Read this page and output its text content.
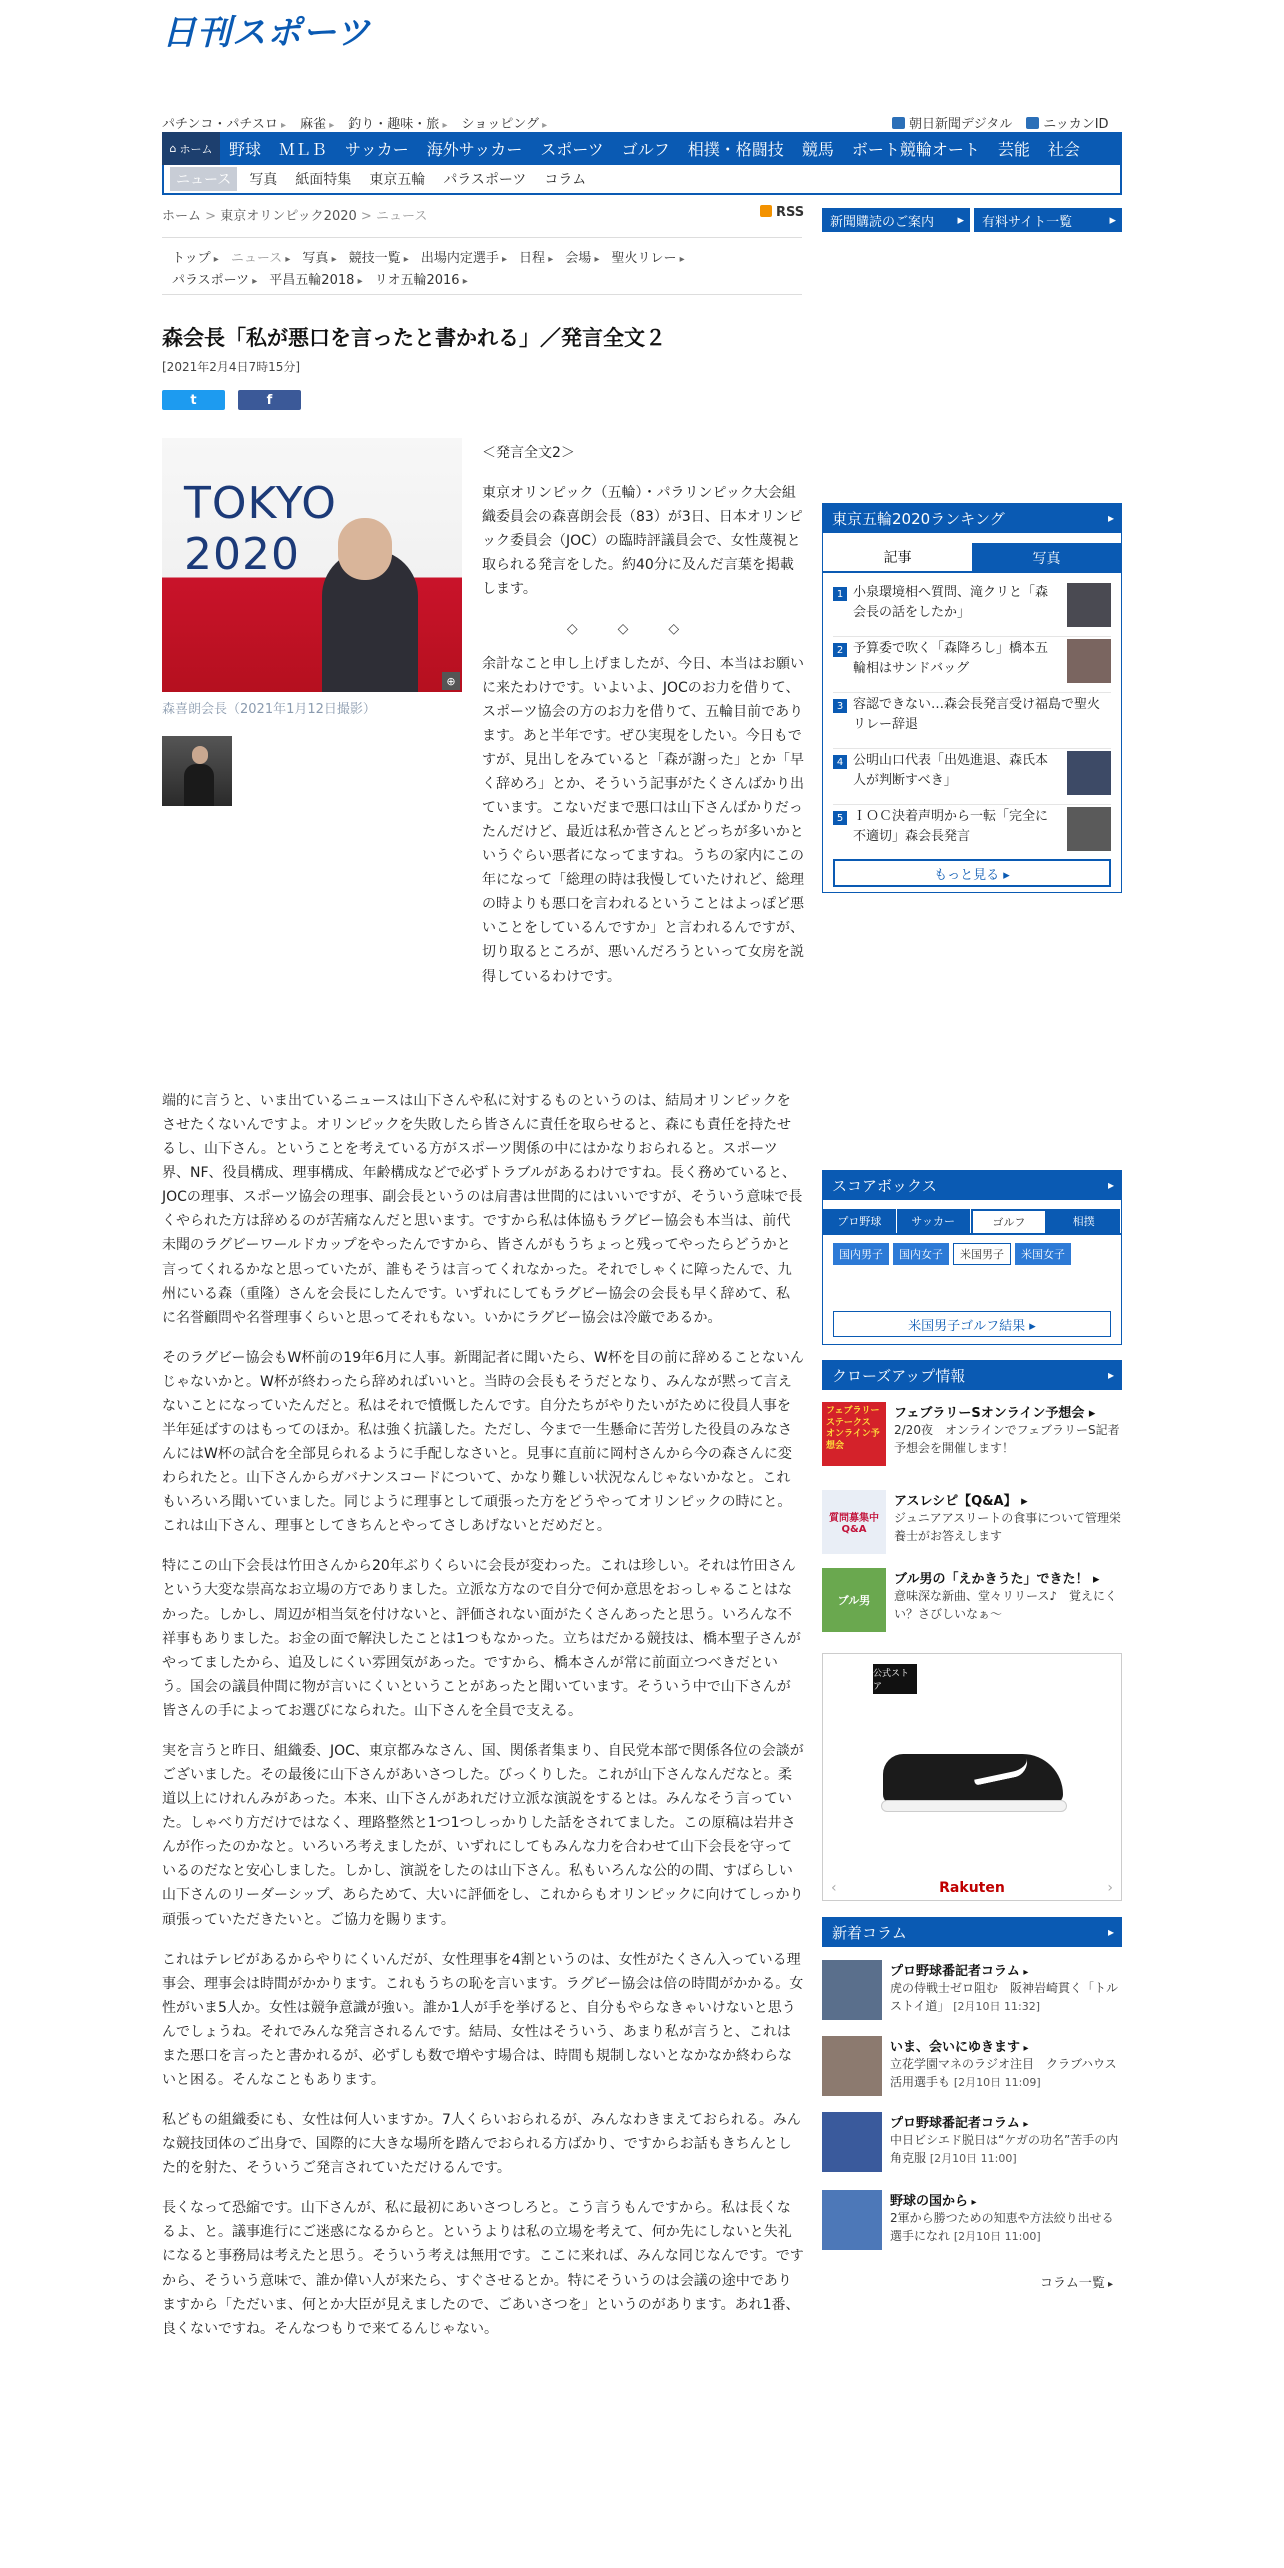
日刊スポーツ
パチンコ・パチスロ ▸	麻雀 ▸	釣り・趣味・旅 ▸	ショッピング ▸	朝日新聞デジタル	ニッカンID
⌂ ホーム	野球	ＭＬＢ	サッカー	海外サッカー	スポーツ	ゴルフ	相撲・格闘技	競馬	ボート競輪オート	芸能	社会
ニュース	写真	紙面特集	東京五輪	パラスポーツ	コラム
ホーム > 東京オリンピック2020 > ニュース	RSS
新聞購読のご案内 ▸ 有料サイト一覧	▸
トップ ▸	ニュース ▸	写真 ▸	競技一覧 ▸	出場内定選手 ▸	日程 ▸	会場 ▸	聖火リレー ▸
パラスポーツ ▸	平昌五輪2018 ▸	リオ五輪2016 ▸
森会長「私が悪口を言ったと書かれる」／発言全文２
[2021年2月4日7時15分]
t	f
TOKYO 2020
⊕
森喜朗会長（2021年1月12日撮影）

＜発言全文2＞

東京オリンピック（五輪）・パラリンピック大会組織委員会の森喜朗会長（83）が3日、日本オリンピック委員会（JOC）の臨時評議員会で、女性蔑視と取られる発言をした。約40分に及んだ言葉を掲載します。

◇◇◇

余計なこと申し上げましたが、今日、本当はお願いに来たわけです。いよいよ、JOCのお力を借りて、スポーツ協会の方のお力を借りて、五輪目前であります。あと半年です。ぜひ実現をしたい。今日もですが、見出しをみていると「森が謝った」とか「早く辞めろ」とか、そういう記事がたくさんばかり出ています。こないだまで悪口は山下さんばかりだったんだけど、最近は私か菅さんとどっちが多いかというぐらい悪者になってますね。うちの家内にこの年になって「総理の時は我慢していたけれど、総理の時よりも悪口を言われるということはよっぽど悪いことをしているんですか」と言われるんですが、切り取るところが、悪いんだろうといって女房を説得しているわけです。

端的に言うと、いま出ているニュースは山下さんや私に対するものというのは、結局オリンピックをさせたくないんですよ。オリンピックを失敗したら皆さんに責任を取らせると、森にも責任を持たせるし、山下さん。ということを考えている方がスポーツ関係の中にはかなりおられると。スポーツ界、NF、役員構成、理事構成、年齢構成などで必ずトラブルがあるわけですね。長く務めていると、JOCの理事、スポーツ協会の理事、副会長というのは肩書は世間的にはいいですが、そういう意味で長くやられた方は辞めるのが苦痛なんだと思います。ですから私は体協もラグビー協会も本当は、前代未聞のラグビーワールドカップをやったんですから、皆さんがもうちょっと残ってやったらどうかと言ってくれるかなと思っていたが、誰もそうは言ってくれなかった。それでしゃくに障ったんで、九州にいる森（重隆）さんを会長にしたんです。いずれにしてもラグビー協会の会長も早く辞めて、私に名誉顧問や名誉理事くらいと思ってそれもない。いかにラグビー協会は冷厳であるか。

そのラグビー協会もW杯前の19年6月に人事。新聞記者に聞いたら、W杯を目の前に辞めることないんじゃないかと。W杯が終わったら辞めればいいと。当時の会長もそうだとなり、みんなが黙って言えないことになっていたんだと。私はそれで憤慨したんです。自分たちがやりたいがために役員人事を半年延ばすのはもってのほか。私は強く抗議した。ただし、今まで一生懸命に苦労した役員のみなさんにはW杯の試合を全部見られるように手配しなさいと。見事に直前に岡村さんから今の森さんに変わられたと。山下さんからガバナンスコードについて、かなり難しい状況なんじゃないかなと。これもいろいろ聞いていました。同じように理事として頑張った方をどうやってオリンピックの時にと。これは山下さん、理事としてきちんとやってさしあげないとだめだと。

特にこの山下会長は竹田さんから20年ぶりくらいに会長が変わった。これは珍しい。それは竹田さんという大変な崇高なお立場の方でありました。立派な方なので自分で何か意思をおっしゃることはなかった。しかし、周辺が相当気を付けないと、評価されない面がたくさんあったと思う。いろんな不祥事もありました。お金の面で解決したことは1つもなかった。立ちはだかる競技は、橋本聖子さんがやってましたから、追及しにくい雰囲気があった。ですから、橋本さんが常に前面立つべきだという。国会の議員仲間に物が言いにくいということがあったと聞いています。そういう中で山下さんが皆さんの手によってお選びになられた。山下さんを全員で支える。

実を言うと昨日、組織委、JOC、東京都みなさん、国、関係者集まり、自民党本部で関係各位の会談がございました。その最後に山下さんがあいさつした。びっくりした。これが山下さんなんだなと。柔道以上にけれんみがあった。本来、山下さんがあれだけ立派な演説をするとは。みんなそう言っていた。しゃべり方だけではなく、理路整然と1つ1つしっかりした話をされてました。この原稿は岩井さんが作ったのかなと。いろいろ考えましたが、いずれにしてもみんな力を合わせて山下会長を守っているのだなと安心しました。しかし、演説をしたのは山下さん。私もいろんな公的の間、すばらしい山下さんのリーダーシップ、あらためて、大いに評価をし、これからもオリンピックに向けてしっかり頑張っていただきたいと。ご協力を賜ります。

これはテレビがあるからやりにくいんだが、女性理事を4割というのは、女性がたくさん入っている理事会、理事会は時間がかかります。これもうちの恥を言います。ラグビー協会は倍の時間がかかる。女性がいま5人か。女性は競争意識が強い。誰か1人が手を挙げると、自分もやらなきゃいけないと思うんでしょうね。それでみんな発言されるんです。結局、女性はそういう、あまり私が言うと、これはまた悪口を言ったと書かれるが、必ずしも数で増やす場合は、時間も規制しないとなかなか終わらないと困る。そんなこともあります。

私どもの組織委にも、女性は何人いますか。7人くらいおられるが、みんなわきまえておられる。みんな競技団体のご出身で、国際的に大きな場所を踏んでおられる方ばかり、ですからお話もきちんとした的を射た、そういうご発言されていただけるんです。

長くなって恐縮です。山下さんが、私に最初にあいさつしろと。こう言うもんですから。私は長くなるよ、と。議事進行にご迷惑になるからと。というよりは私の立場を考えて、何か先にしないと失礼になると事務局は考えたと思う。そういう考えは無用です。ここに来れば、みんな同じなんです。ですから、そういう意味で、誰か偉い人が来たら、すぐさせるとか。特にそういうのは会議の途中でありますから「ただいま、何とか大臣が見えましたので、ごあいさつを」というのがあります。あれ1番、良くないですね。そんなつもりで来てるんじゃない。

東京五輪2020ランキング
▸
記事	写真
1 小泉環境相へ質問、滝クリと「森会長の話をしたか」
2 予算委で吹く「森降ろし」橋本五輪相はサンドバッグ
3 容認できない…森会長発言受け福島で聖火リレー辞退
4 公明山口代表「出処進退、森氏本人が判断すべき」
5 ＩＯＣ決着声明から一転「完全に不適切」森会長発言
もっと見る ▸
スコアボックス
▸
プロ野球	サッカー	ゴルフ	相撲
国内男子	国内女子	米国男子	米国女子
米国男子ゴルフ結果 ▸
クローズアップ情報
▸
フェブラリーステークス オンライン予想会
フェブラリーSオンライン予想会 ▸
2/20夜　オンラインでフェブラリーS記者予想会を開催します！
質問募集中 Q&A
アスレシピ【Q&A】 ▸
ジュニアアスリートの食事について管理栄養士がお答えします
ブル男
ブル男の「えかきうた」できた！ ▸
意味深な新曲、堂々リリース♪　覚えにくい？さびしいなぁ～
公式ストア
‹	Rakuten	›
新着コラム
▸
プロ野球番記者コラム ▸
虎の侍戦士ゼロ阻む　阪神岩崎貫く「トルストイ道」 [2月10日 11:32]
いま、会いにゆきます ▸
立花学園マネのラジオ注目　クラブハウス活用選手も [2月10日 11:09]
プロ野球番記者コラム ▸
中日ビシエド脱日は“ケガの功名”苦手の内角克服 [2月10日 11:00]
野球の国から ▸
2軍から勝つための知恵や方法絞り出せる選手になれ [2月10日 11:00]
コラム一覧 ▸
